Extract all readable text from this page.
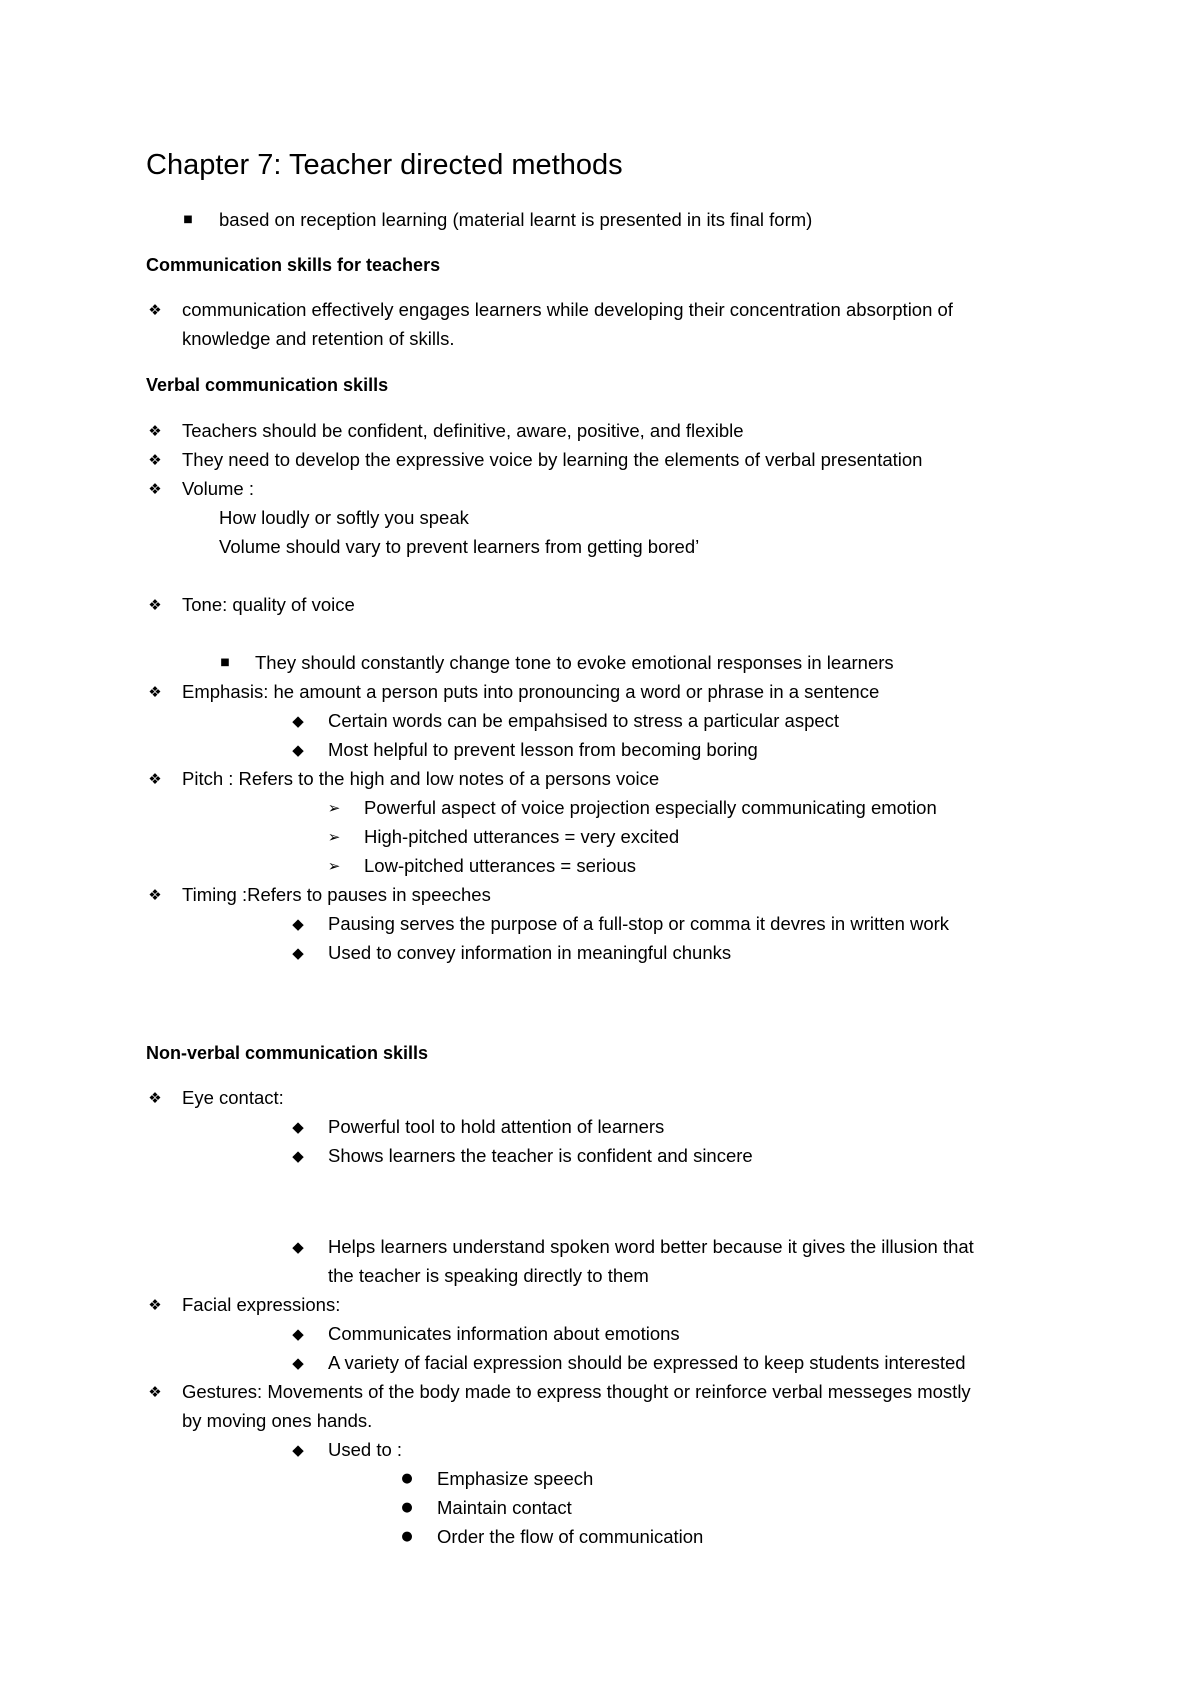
Chapter 7: Teacher directed methods
■ based on reception learning (material learnt is presented in its final form)
Communication skills for teachers
❖ communication effectively engages learners while developing their concentration absorption of
knowledge and retention of skills.
Verbal communication skills
❖ Teachers should be confident, definitive, aware, positive, and flexible
❖ They need to develop the expressive voice by learning the elements of verbal presentation
❖ Volume :
How loudly or softly you speak
Volume should vary to prevent learners from getting bored’
❖ Tone: quality of voice
■ They should constantly change tone to evoke emotional responses in learners
❖ Emphasis: he amount a person puts into pronouncing a word or phrase in a sentence
◆ Certain words can be empahsised to stress a particular aspect
◆ Most helpful to prevent lesson from becoming boring
❖ Pitch : Refers to the high and low notes of a persons voice
➢ Powerful aspect of voice projection especially communicating emotion
➢ High-pitched utterances = very excited
➢ Low-pitched utterances = serious
❖ Timing :Refers to pauses in speeches
◆ Pausing serves the purpose of a full-stop or comma it devres in written work
◆ Used to convey information in meaningful chunks
Non-verbal communication skills
❖ Eye contact:
◆ Powerful tool to hold attention of learners
◆ Shows learners the teacher is confident and sincere
◆ Helps learners understand spoken word better because it gives the illusion that
the teacher is speaking directly to them
❖ Facial expressions:
◆ Communicates information about emotions
◆ A variety of facial expression should be expressed to keep students interested
❖ Gestures: Movements of the body made to express thought or reinforce verbal messeges mostly
by moving ones hands.
◆ Used to :
● Emphasize speech
● Maintain contact
● Order the flow of communication
